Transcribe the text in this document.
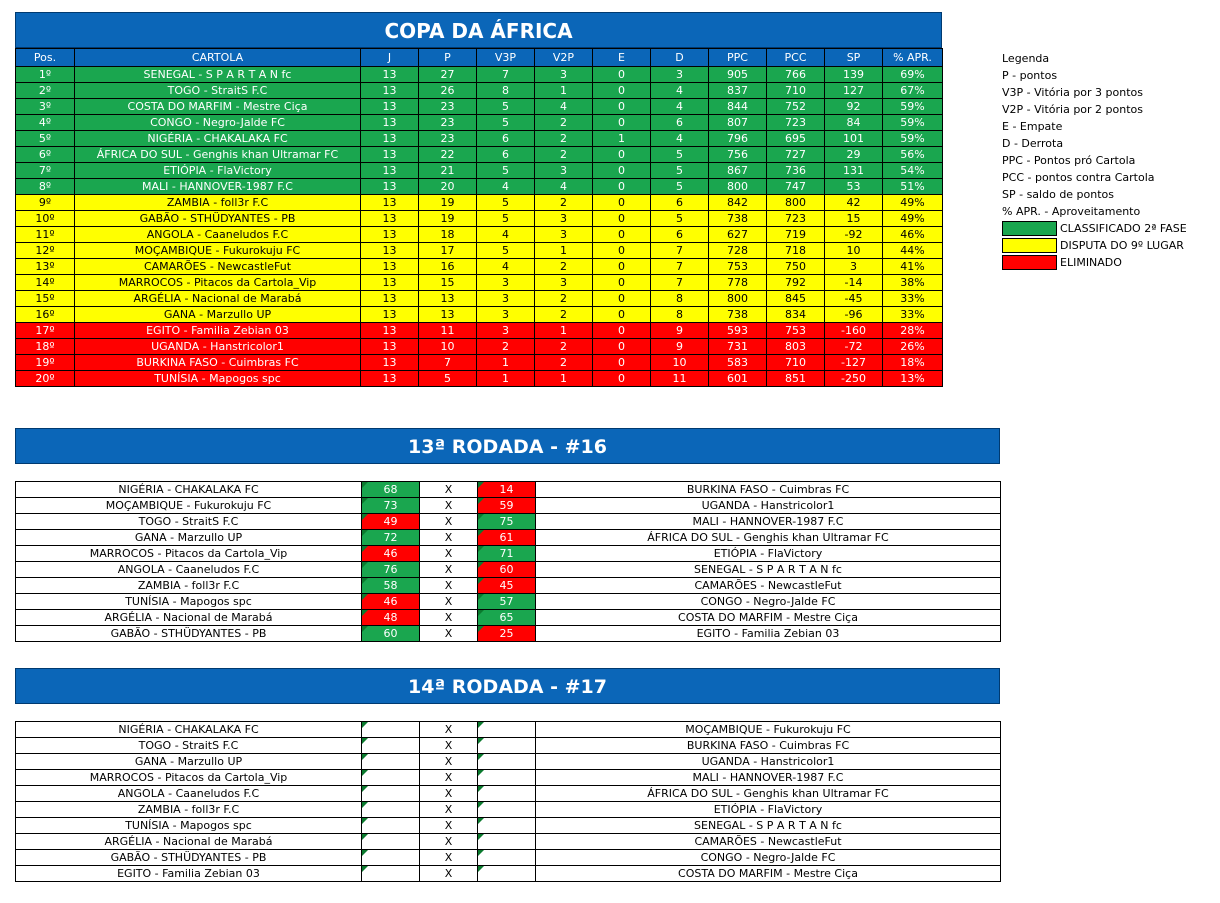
COPA DA ÁFRICA
Pos.	CARTOLA	J	P	V3P	V2P	E	D	PPC	PCC	SP	% APR.
1º	SENEGAL - S P A R T A N fc	13	27	7	3	0	3	905	766	139	69%
2º	TOGO - StraitS F.C	13	26	8	1	0	4	837	710	127	67%
3º	COSTA DO MARFIM - Mestre Ciça	13	23	5	4	0	4	844	752	92	59%
4º	CONGO - Negro-Jalde FC	13	23	5	2	0	6	807	723	84	59%
5º	NIGÉRIA - CHAKALAKA FC	13	23	6	2	1	4	796	695	101	59%
6º	ÁFRICA DO SUL - Genghis khan Ultramar FC	13	22	6	2	0	5	756	727	29	56%
7º	ETIÓPIA - FlaVictory	13	21	5	3	0	5	867	736	131	54%
8º	MALI - HANNOVER-1987 F.C	13	20	4	4	0	5	800	747	53	51%
9º	ZAMBIA - foll3r F.C	13	19	5	2	0	6	842	800	42	49%
10º	GABÃO - STHÜDYANTES - PB	13	19	5	3	0	5	738	723	15	49%
11º	ANGOLA - Caaneludos F.C	13	18	4	3	0	6	627	719	-92	46%
12º	MOÇAMBIQUE - Fukurokuju FC	13	17	5	1	0	7	728	718	10	44%
13º	CAMARÕES - NewcastleFut	13	16	4	2	0	7	753	750	3	41%
14º	MARROCOS - Pitacos da Cartola_Vip	13	15	3	3	0	7	778	792	-14	38%
15º	ARGÉLIA - Nacional de Marabá	13	13	3	2	0	8	800	845	-45	33%
16º	GANA - Marzullo UP	13	13	3	2	0	8	738	834	-96	33%
17º	EGITO - Familia Zebian 03	13	11	3	1	0	9	593	753	-160	28%
18º	UGANDA - Hanstricolor1	13	10	2	2	0	9	731	803	-72	26%
19º	BURKINA FASO - Cuimbras FC	13	7	1	2	0	10	583	710	-127	18%
20º	TUNÍSIA - Mapogos spc	13	5	1	1	0	11	601	851	-250	13%
Legenda
P - pontos
V3P - Vitória por 3 pontos
V2P - Vitória por 2 pontos
E - Empate
D - Derrota
PPC - Pontos pró Cartola
PCC - pontos contra Cartola
SP - saldo de pontos
% APR. - Aproveitamento
CLASSIFICADO 2ª FASE
DISPUTA DO 9º LUGAR
ELIMINADO
13ª RODADA - #16
NIGÉRIA - CHAKALAKA FC	68	X	14	BURKINA FASO - Cuimbras FC
MOÇAMBIQUE - Fukurokuju FC	73	X	59	UGANDA - Hanstricolor1
TOGO - StraitS F.C	49	X	75	MALI - HANNOVER-1987 F.C
GANA - Marzullo UP	72	X	61	ÁFRICA DO SUL - Genghis khan Ultramar FC
MARROCOS - Pitacos da Cartola_Vip	46	X	71	ETIÓPIA - FlaVictory
ANGOLA - Caaneludos F.C	76	X	60	SENEGAL - S P A R T A N fc
ZAMBIA - foll3r F.C	58	X	45	CAMARÕES - NewcastleFut
TUNÍSIA - Mapogos spc	46	X	57	CONGO - Negro-Jalde FC
ARGÉLIA - Nacional de Marabá	48	X	65	COSTA DO MARFIM - Mestre Ciça
GABÃO - STHÜDYANTES - PB	60	X	25	EGITO - Familia Zebian 03
14ª RODADA - #17
NIGÉRIA - CHAKALAKA FC		X		MOÇAMBIQUE - Fukurokuju FC
TOGO - StraitS F.C		X		BURKINA FASO - Cuimbras FC
GANA - Marzullo UP		X		UGANDA - Hanstricolor1
MARROCOS - Pitacos da Cartola_Vip		X		MALI - HANNOVER-1987 F.C
ANGOLA - Caaneludos F.C		X		ÁFRICA DO SUL - Genghis khan Ultramar FC
ZAMBIA - foll3r F.C		X		ETIÓPIA - FlaVictory
TUNÍSIA - Mapogos spc		X		SENEGAL - S P A R T A N fc
ARGÉLIA - Nacional de Marabá		X		CAMARÕES - NewcastleFut
GABÃO - STHÜDYANTES - PB		X		CONGO - Negro-Jalde FC
EGITO - Familia Zebian 03		X		COSTA DO MARFIM - Mestre Ciça
